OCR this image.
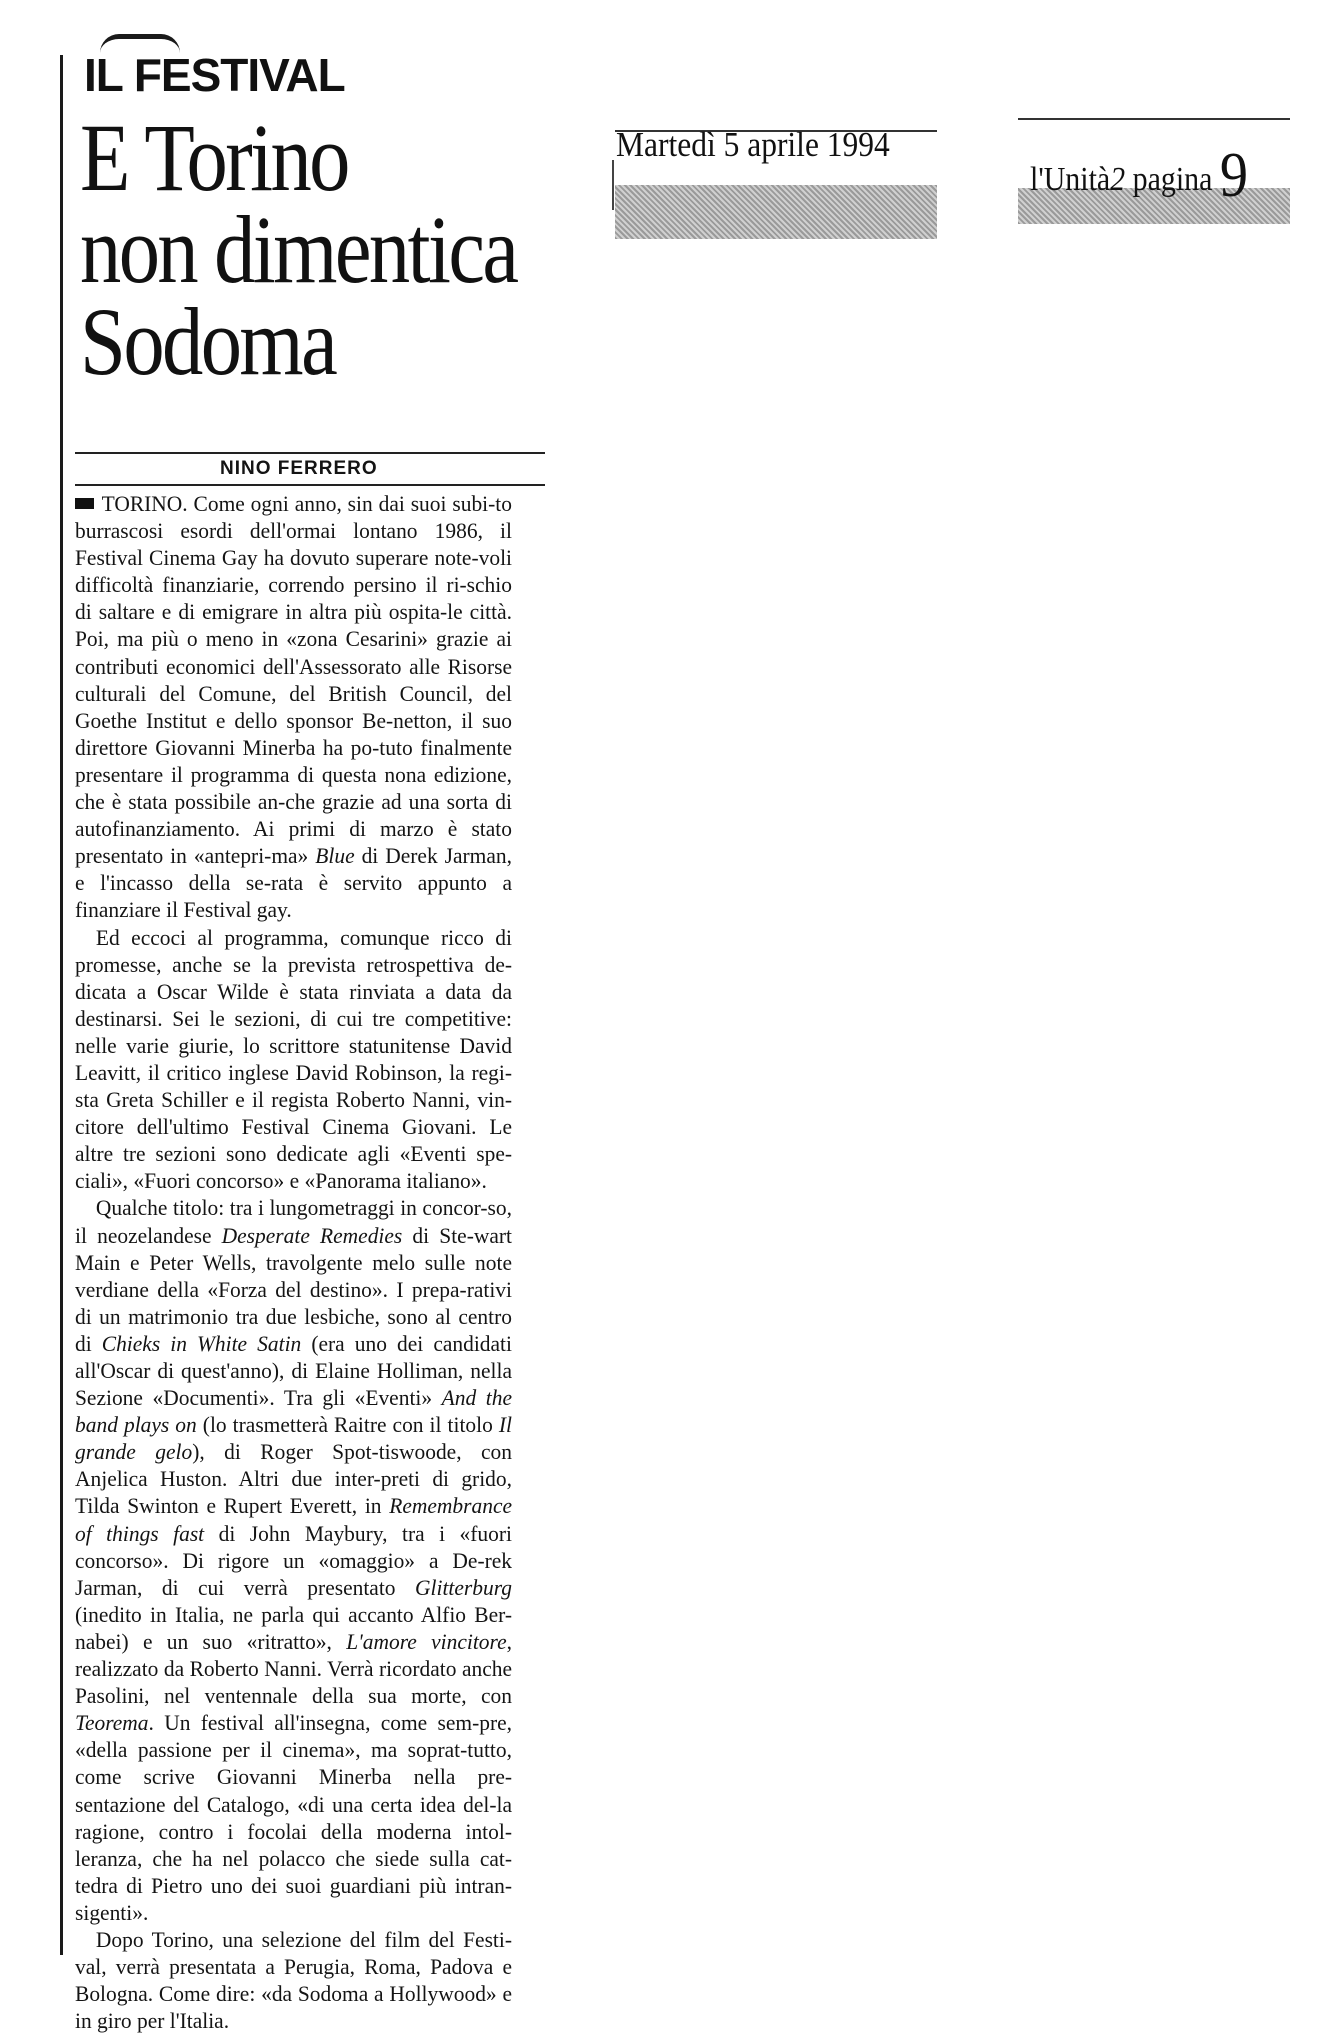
IL FESTIVAL
E Torino
non dimentica
Sodoma
NINO FERRERO
Martedì 5 aprile 1994
l'Unità2 pagina 9

TORINO. Come ogni anno, sin dai suoi subi-to burrascosi esordi dell'ormai lontano 1986, il Festival Cinema Gay ha dovuto superare note-voli difficoltà finanziarie, correndo persino il ri-schio di saltare e di emigrare in altra più ospita-le città. Poi, ma più o meno in «zona Cesarini» grazie ai contributi economici dell'Assessorato alle Risorse culturali del Comune, del British Council, del Goethe Institut e dello sponsor Be-netton, il suo direttore Giovanni Minerba ha po-tuto finalmente presentare il programma di questa nona edizione, che è stata possibile an-che grazie ad una sorta di autofinanziamento. Ai primi di marzo è stato presentato in «antepri-ma» Blue di Derek Jarman, e l'incasso della se-rata è servito appunto a finanziare il Festival gay.

Ed eccoci al programma, comunque ricco di promesse, anche se la prevista retrospettiva de-dicata a Oscar Wilde è stata rinviata a data da destinarsi. Sei le sezioni, di cui tre competitive: nelle varie giurie, lo scrittore statunitense David Leavitt, il critico inglese David Robinson, la regi-sta Greta Schiller e il regista Roberto Nanni, vin-citore dell'ultimo Festival Cinema Giovani. Le altre tre sezioni sono dedicate agli «Eventi spe-ciali», «Fuori concorso» e «Panorama italiano».

Qualche titolo: tra i lungometraggi in concor-so, il neozelandese Desperate Remedies di Ste-wart Main e Peter Wells, travolgente melo sulle note verdiane della «Forza del destino». I prepa-rativi di un matrimonio tra due lesbiche, sono al centro di Chieks in White Satin (era uno dei candidati all'Oscar di quest'anno), di Elaine Holliman, nella Sezione «Documenti». Tra gli «Eventi» And the band plays on (lo trasmetterà Raitre con il titolo Il grande gelo), di Roger Spot-tiswoode, con Anjelica Huston. Altri due inter-preti di grido, Tilda Swinton e Rupert Everett, in Remembrance of things fast di John Maybury, tra i «fuori concorso». Di rigore un «omaggio» a De-rek Jarman, di cui verrà presentato Glitterburg (inedito in Italia, ne parla qui accanto Alfio Ber-nabei) e un suo «ritratto», L'amore vincitore, realizzato da Roberto Nanni. Verrà ricordato anche Pasolini, nel ventennale della sua morte, con Teorema. Un festival all'insegna, come sem-pre, «della passione per il cinema», ma soprat-tutto, come scrive Giovanni Minerba nella pre-sentazione del Catalogo, «di una certa idea del-la ragione, contro i focolai della moderna intol-leranza, che ha nel polacco che siede sulla cat-tedra di Pietro uno dei suoi guardiani più intran-sigenti».

Dopo Torino, una selezione del film del Festi-val, verrà presentata a Perugia, Roma, Padova e Bologna. Come dire: «da Sodoma a Hollywood» e in giro per l'Italia.
